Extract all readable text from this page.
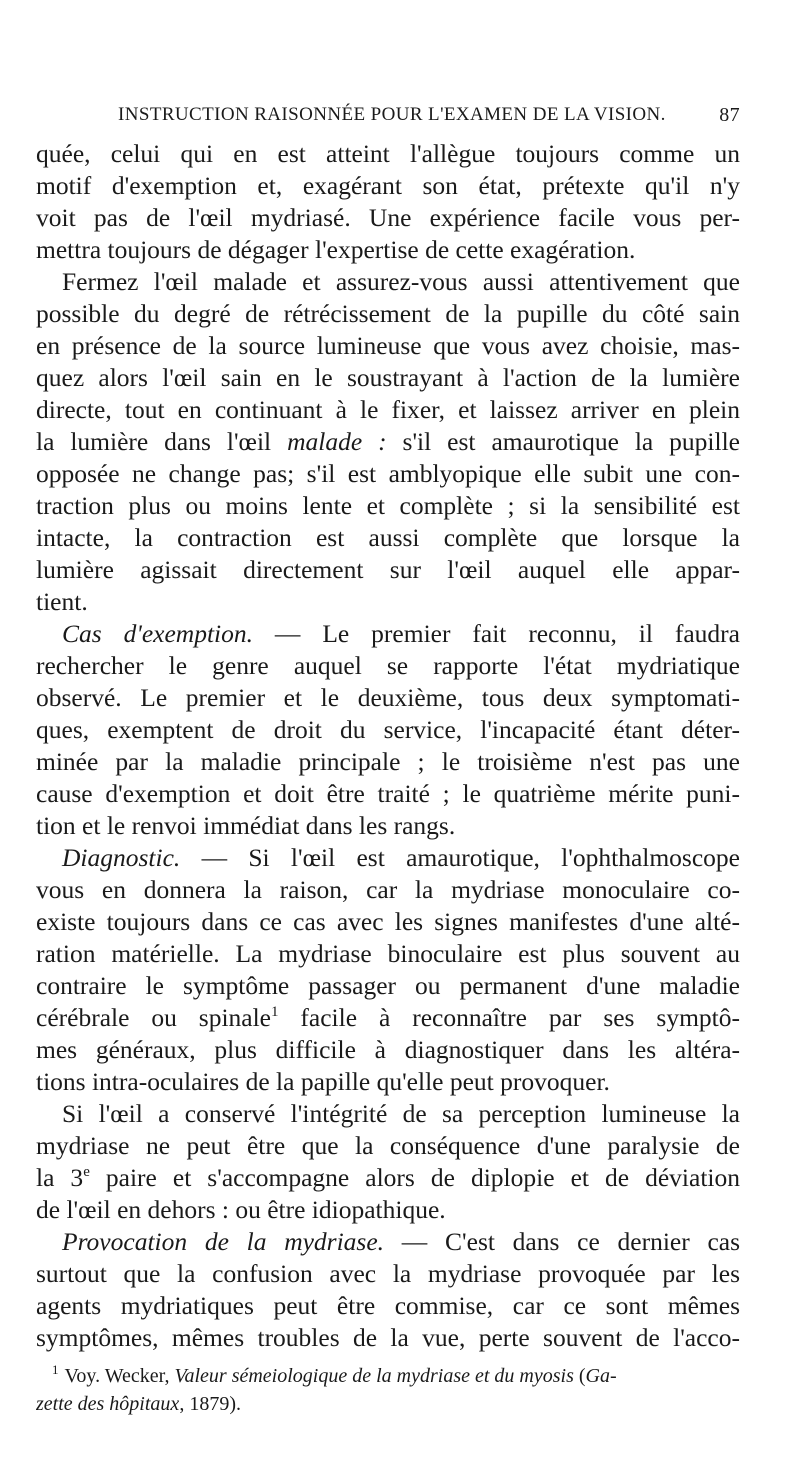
INSTRUCTION RAISONNÉE POUR L'EXAMEN DE LA VISION.	87
quée, celui qui en est atteint l'allègue toujours comme un
motif d'exemption et, exagérant son état, prétexte qu'il n'y
voit pas de l'œil mydriasé. Une expérience facile vous per-
mettra toujours de dégager l'expertise de cette exagération.
Fermez l'œil malade et assurez-vous aussi attentivement que
possible du degré de rétrécissement de la pupille du côté sain
en présence de la source lumineuse que vous avez choisie, mas-
quez alors l'œil sain en le soustrayant à l'action de la lumière
directe, tout en continuant à le fixer, et laissez arriver en plein
la lumière dans l'œil malade : s'il est amaurotique la pupille
opposée ne change pas; s'il est amblyopique elle subit une con-
traction plus ou moins lente et complète ; si la sensibilité est
intacte, la contraction est aussi complète que lorsque la
lumière agissait directement sur l'œil auquel elle appar-
tient.
Cas d'exemption. — Le premier fait reconnu, il faudra
rechercher le genre auquel se rapporte l'état mydriatique
observé. Le premier et le deuxième, tous deux symptomati-
ques, exemptent de droit du service, l'incapacité étant déter-
minée par la maladie principale ; le troisième n'est pas une
cause d'exemption et doit être traité ; le quatrième mérite puni-
tion et le renvoi immédiat dans les rangs.
Diagnostic. — Si l'œil est amaurotique, l'ophthalmoscope
vous en donnera la raison, car la mydriase monoculaire co-
existe toujours dans ce cas avec les signes manifestes d'une alté-
ration matérielle. La mydriase binoculaire est plus souvent au
contraire le symptôme passager ou permanent d'une maladie
cérébrale ou spinale$^1$ facile à reconnaître par ses symptô-
mes généraux, plus difficile à diagnostiquer dans les altéra-
tions intra-oculaires de la papille qu'elle peut provoquer.
Si l'œil a conservé l'intégrité de sa perception lumineuse la
mydriase ne peut être que la conséquence d'une paralysie de
la 3e paire et s'accompagne alors de diplopie et de déviation
de l'œil en dehors : ou être idiopathique.
Provocation de la mydriase. — C'est dans ce dernier cas
surtout que la confusion avec la mydriase provoquée par les
agents mydriatiques peut être commise, car ce sont mêmes
symptômes, mêmes troubles de la vue, perte souvent de l'acco-
$^1$ Voy. Wecker, Valeur sémeiologique de la mydriase et du myosis (Ga-
zette des hôpitaux, 1879).
